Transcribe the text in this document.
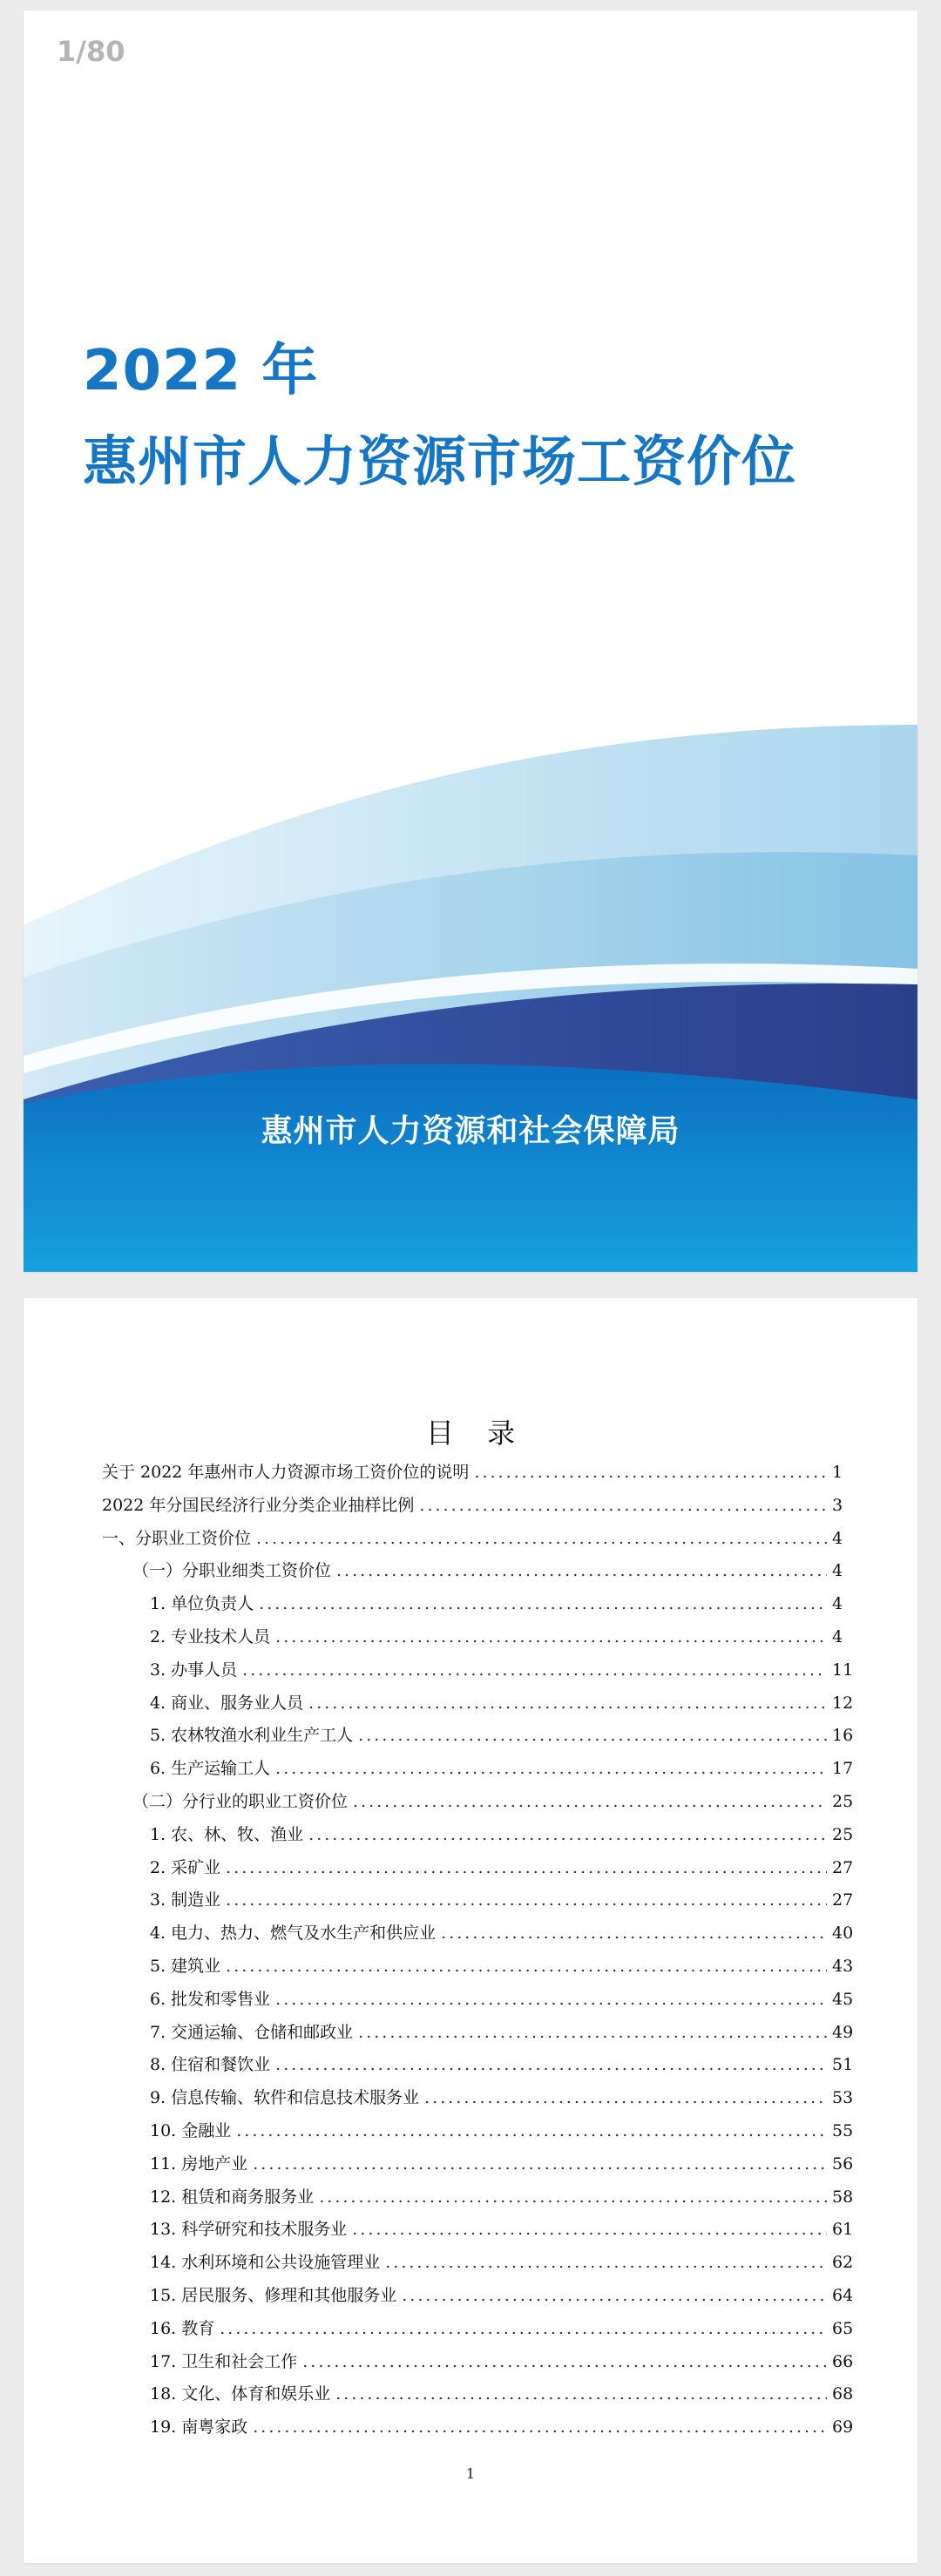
1/80
2022 年
惠州市人力资源市场工资价位
惠州市人力资源和社会保障局
目 录
关于 2022 年惠州市人力资源市场工资价位的说明 .....	1
2022 年分国民经济行业分类企业抽样比例 .....	3
一、分职业工资价位 .....	4
（一）分职业细类工资价位 .....	4
1. 单位负责人 .....	4
2. 专业技术人员 .....	4
3. 办事人员 .....	11
4. 商业、服务业人员 .....	12
5. 农林牧渔水利业生产工人 .....	16
6. 生产运输工人 .....	17
（二）分行业的职业工资价位 .....	25
1. 农、林、牧、渔业 .....	25
2. 采矿业 .....	27
3. 制造业 .....	27
4. 电力、热力、燃气及水生产和供应业 .....	40
5. 建筑业 .....	43
6. 批发和零售业 .....	45
7. 交通运输、仓储和邮政业 .....	49
8. 住宿和餐饮业 .....	51
9. 信息传输、软件和信息技术服务业 .....	53
10. 金融业 .....	55
11. 房地产业 .....	56
12. 租赁和商务服务业 .....	58
13. 科学研究和技术服务业 .....	61
14. 水利环境和公共设施管理业 .....	62
15. 居民服务、修理和其他服务业 .....	64
16. 教育 .....	65
17. 卫生和社会工作 .....	66
18. 文化、体育和娱乐业 .....	68
19. 南粤家政 .....	69
1
